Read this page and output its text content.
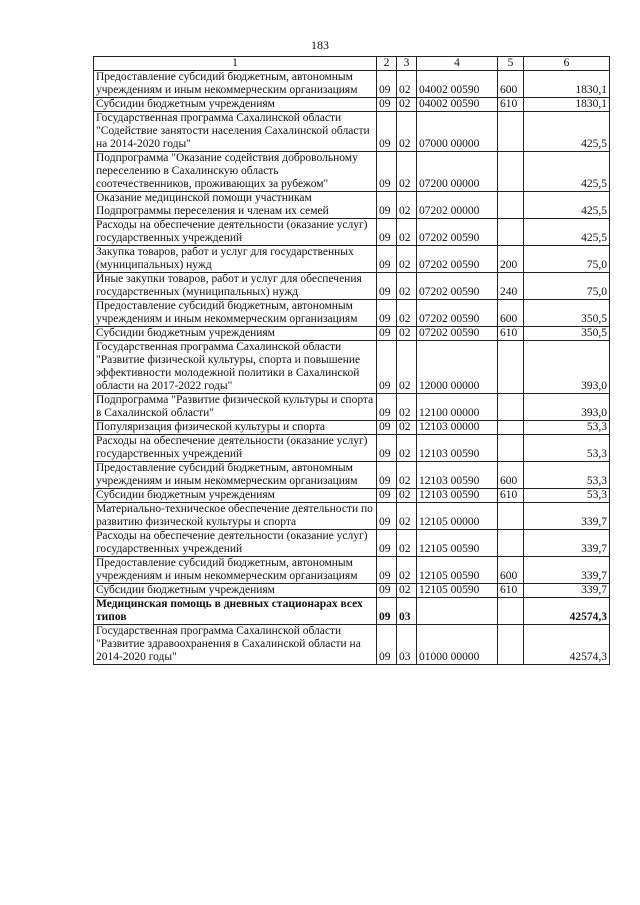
183
1	2	3	4	5	6
Предоставление субсидий бюджетным, автономным учреждениям и иным некоммерческим организациям	09	02	04002 00590	600	1830,1
Субсидии бюджетным учреждениям	09	02	04002 00590	610	1830,1
Государственная программа Сахалинской области "Содействие занятости населения Сахалинской области на 2014-2020 годы"	09	02	07000 00000		425,5
Подпрограмма "Оказание содействия добровольному переселению в Сахалинскую область соотечественников, проживающих за рубежом"	09	02	07200 00000		425,5
Оказание медицинской помощи участникам Подпрограммы переселения и членам их семей	09	02	07202 00000		425,5
Расходы на обеспечение деятельности (оказание услуг) государственных учреждений	09	02	07202 00590		425,5
Закупка товаров, работ и услуг для государственных (муниципальных) нужд	09	02	07202 00590	200	75,0
Иные закупки товаров, работ и услуг для обеспечения государственных (муниципальных) нужд	09	02	07202 00590	240	75,0
Предоставление субсидий бюджетным, автономным учреждениям и иным некоммерческим организациям	09	02	07202 00590	600	350,5
Субсидии бюджетным учреждениям	09	02	07202 00590	610	350,5
Государственная программа Сахалинской области "Развитие физической культуры, спорта и повышение эффективности молодежной политики в Сахалинской области на 2017-2022 годы"	09	02	12000 00000		393,0
Подпрограмма "Развитие физической культуры и спорта в Сахалинской области"	09	02	12100 00000		393,0
Популяризация физической культуры и спорта	09	02	12103 00000		53,3
Расходы на обеспечение деятельности (оказание услуг) государственных учреждений	09	02	12103 00590		53,3
Предоставление субсидий бюджетным, автономным учреждениям и иным некоммерческим организациям	09	02	12103 00590	600	53,3
Субсидии бюджетным учреждениям	09	02	12103 00590	610	53,3
Материально-техническое обеспечение деятельности по развитию физической культуры и спорта	09	02	12105 00000		339,7
Расходы на обеспечение деятельности (оказание услуг) государственных учреждений	09	02	12105 00590		339,7
Предоставление субсидий бюджетным, автономным учреждениям и иным некоммерческим организациям	09	02	12105 00590	600	339,7
Субсидии бюджетным учреждениям	09	02	12105 00590	610	339,7
Медицинская помощь в дневных стационарах всех типов	09	03			42574,3
Государственная программа Сахалинской области "Развитие здравоохранения в Сахалинской области на 2014-2020 годы"	09	03	01000 00000		42574,3
